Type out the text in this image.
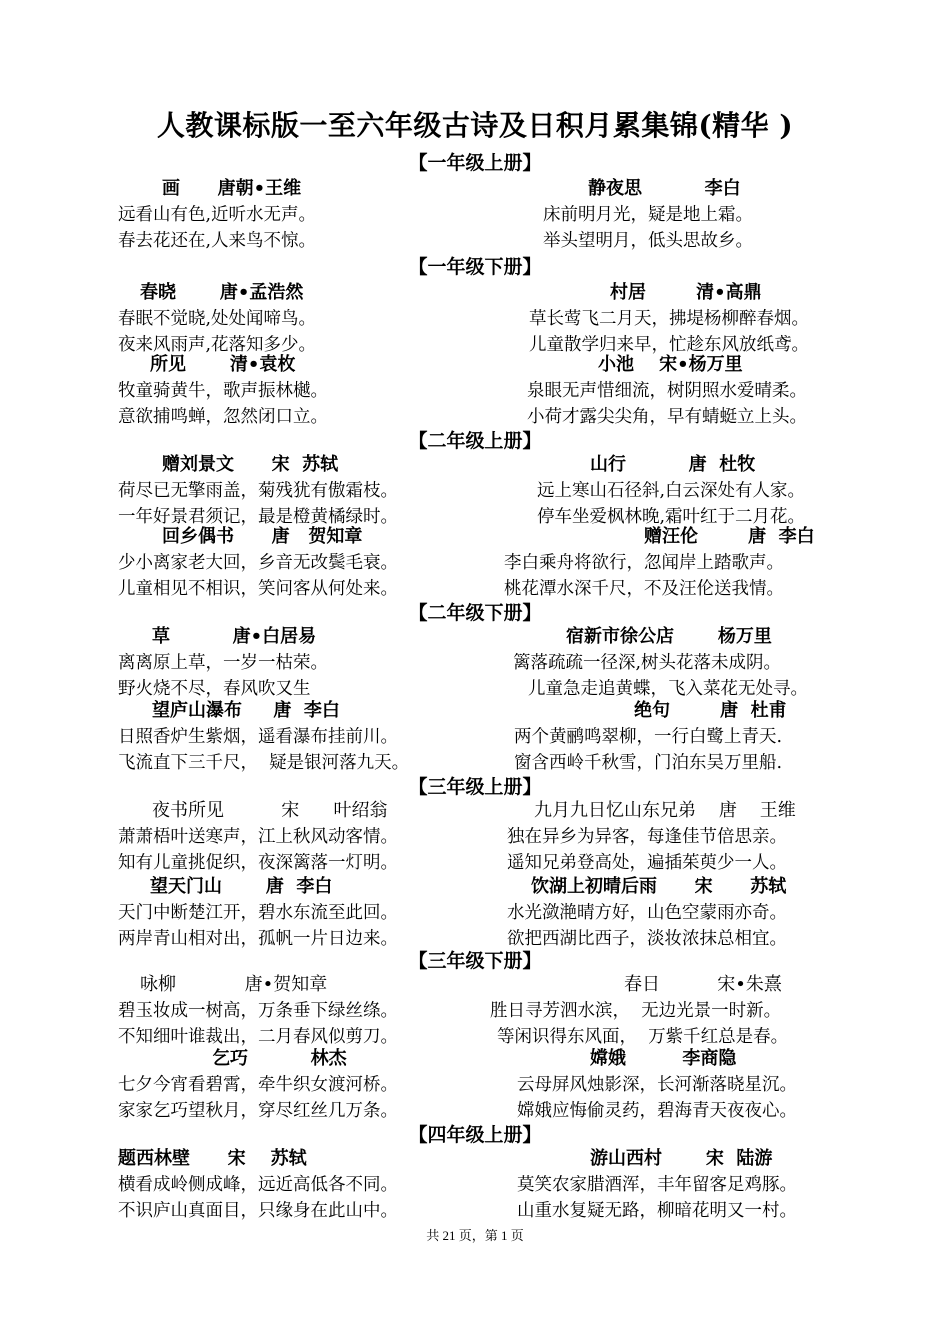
人教课标版一至六年级古诗及日积月累集锦(精华 )
【一年级上册】
画      唐朝•王维
远看山有色,近听水无声。
春去花还在,人来鸟不惊。
静夜思          李白
床前明月光，疑是地上霜。
举头望明月，低头思故乡。
【一年级下册】
春晓       唐•孟浩然
春眠不觉晓,处处闻啼鸟。
夜来风雨声,花落知多少。
村居        清•高鼎
草长莺飞二月天，拂堤杨柳醉春烟。
儿童散学归来早，忙趁东风放纸鸢。
所见       清•袁枚
牧童骑黄牛，歌声振林樾。
意欲捕鸣蝉，忽然闭口立。
小池    宋•杨万里
泉眼无声惜细流，树阴照水爱晴柔。
小荷才露尖尖角，早有蜻蜓立上头。
【二年级上册】
赠刘景文      宋  苏轼
荷尽已无擎雨盖，菊残犹有傲霜枝。
一年好景君须记，最是橙黄橘绿时。
山行          唐  杜牧
远上寒山石径斜,白云深处有人家。
停车坐爱枫林晚,霜叶红于二月花。
回乡偶书      唐   贺知章
少小离家老大回，乡音无改鬓毛衰。
儿童相见不相识，笑问客从何处来。
赠汪伦        唐  李白
李白乘舟将欲行，忽闻岸上踏歌声。
桃花潭水深千尺，不及汪伦送我情。
【二年级下册】
草          唐•白居易
离离原上草，一岁一枯荣。
野火烧不尽，春风吹又生
宿新市徐公店       杨万里
篱落疏疏一径深,树头花落未成阴。
儿童急走追黄蝶，飞入菜花无处寻。
望庐山瀑布     唐  李白
日照香炉生紫烟，遥看瀑布挂前川。
飞流直下三千尺，  疑是银河落九天。
绝句        唐  杜甫
两个黄鹂鸣翠柳，一行白鹭上青天.
窗含西岭千秋雪，门泊东吴万里船.
【三年级上册】
夜书所见          宋      叶绍翁
萧萧梧叶送寒声，江上秋风动客情。
知有儿童挑促织，夜深篱落一灯明。
九月九日忆山东兄弟    唐    王维
独在异乡为异客，每逢佳节倍思亲。
遥知兄弟登高处，遍插茱萸少一人。
望天门山       唐  李白
天门中断楚江开，碧水东流至此回。
两岸青山相对出，孤帆一片日边来。
饮湖上初晴后雨      宋      苏轼
水光潋滟晴方好，山色空蒙雨亦奇。
欲把西湖比西子，淡妆浓抹总相宜。
【三年级下册】
咏柳            唐•贺知章
碧玉妆成一树高，万条垂下绿丝绦。
不知细叶谁裁出，二月春风似剪刀。
春日          宋•朱熹
胜日寻芳泗水滨，  无边光景一时新。
等闲识得东风面，  万紫千红总是春。
乞巧          林杰
七夕今宵看碧霄，牵牛织女渡河桥。
家家乞巧望秋月，穿尽红丝几万条。
嫦娥         李商隐
云母屏风烛影深，长河渐落晓星沉。
嫦娥应悔偷灵药，碧海青天夜夜心。
【四年级上册】
题西林壁      宋    苏轼
横看成岭侧成峰，远近高低各不同。
不识庐山真面目，只缘身在此山中。
游山西村       宋  陆游
莫笑农家腊酒浑，丰年留客足鸡豚。
山重水复疑无路，柳暗花明又一村。
共 21 页，第 1 页
